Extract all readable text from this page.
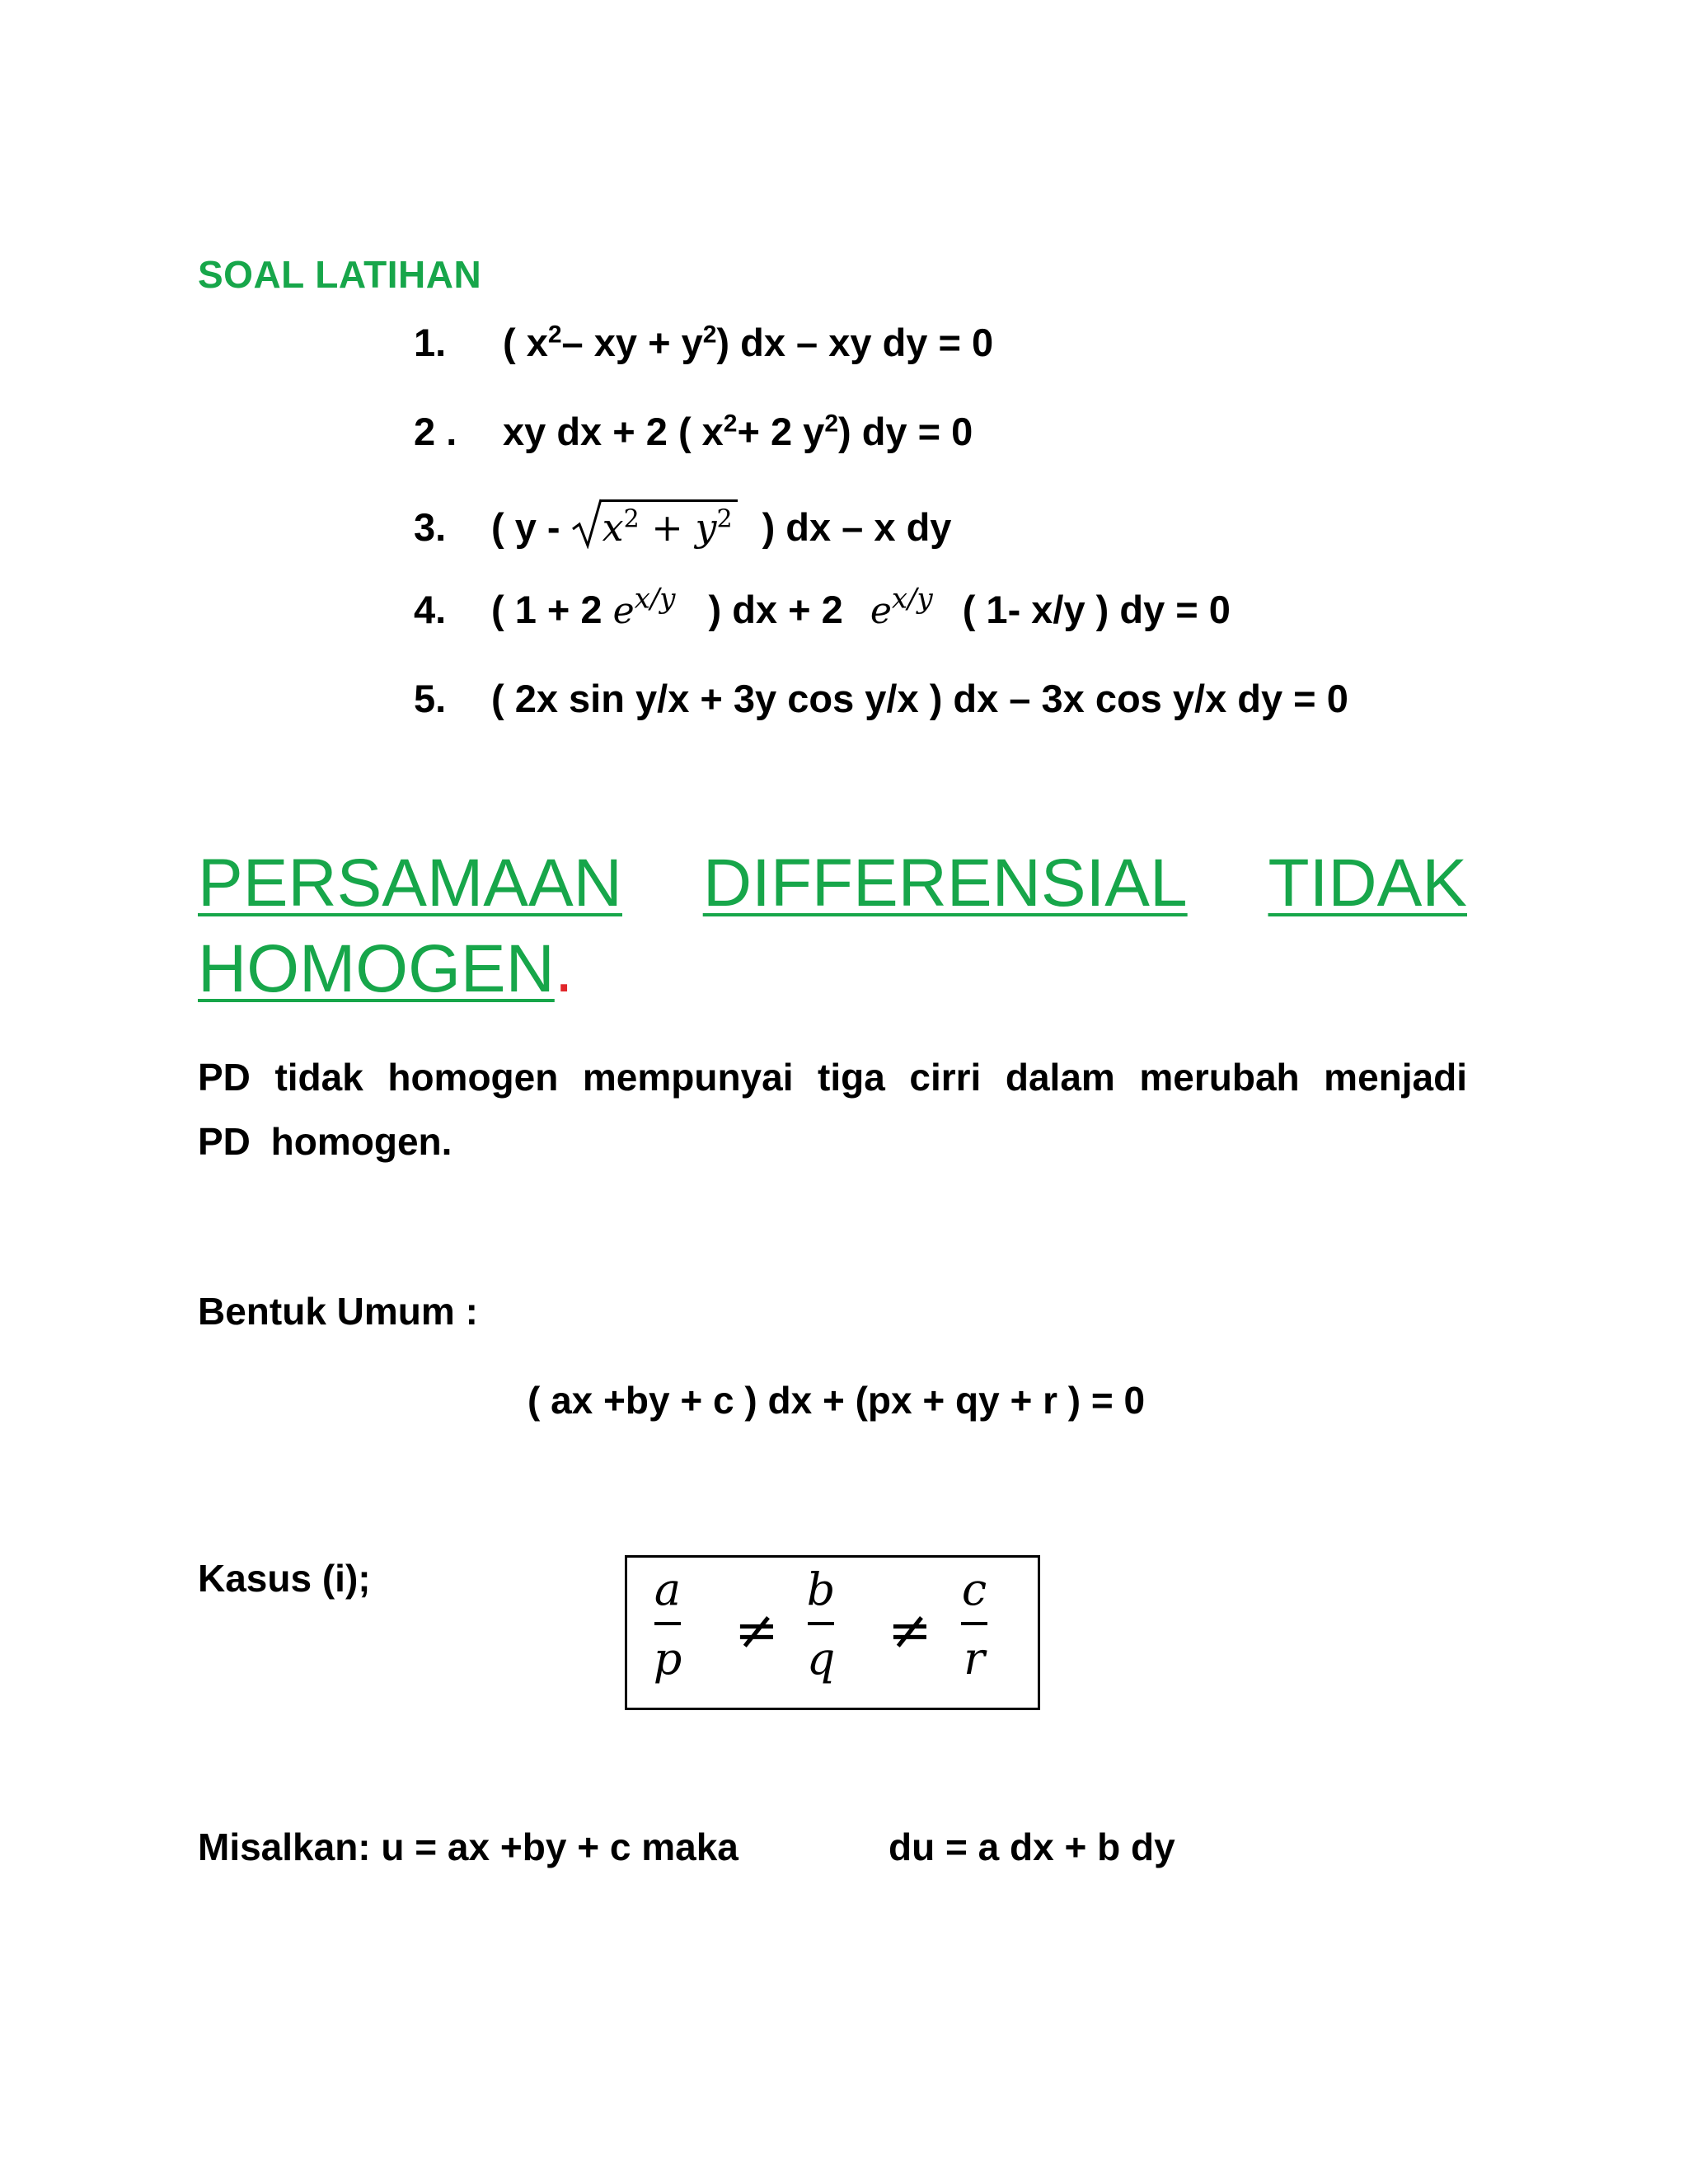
SOAL LATIHAN
1. ( $x^2-$ xy + $y^2$) dx – xy dy = 0
2 . xy dx + 2 ( $x^2+ 2$ $y^2$) dy = 0
3. ( $y - x^2 + y^2$ ) dx – x dy
4. ( 1 + 2 $e^{x/y}$ ) dx + 2 $e^{x/y}$ ( 1- x/y ) dy = 0
5. ( 2x sin y/x + 3y cos y/x ) dx – 3x cos y/x dy = 0
PERSAMAAN DIFFERENSIAL TIDAK
HOMOGEN.
PD tidak homogen mempunyai tiga cirri dalam merubah menjadi PD homogen.
Bentuk Umum :
( ax +by + c ) dx + (px + qy + r ) = 0
Kasus (i);	a
p ≠
b
q ≠
c
r
Misalkan: u = ax +by + c maka	du = a dx + b dy
